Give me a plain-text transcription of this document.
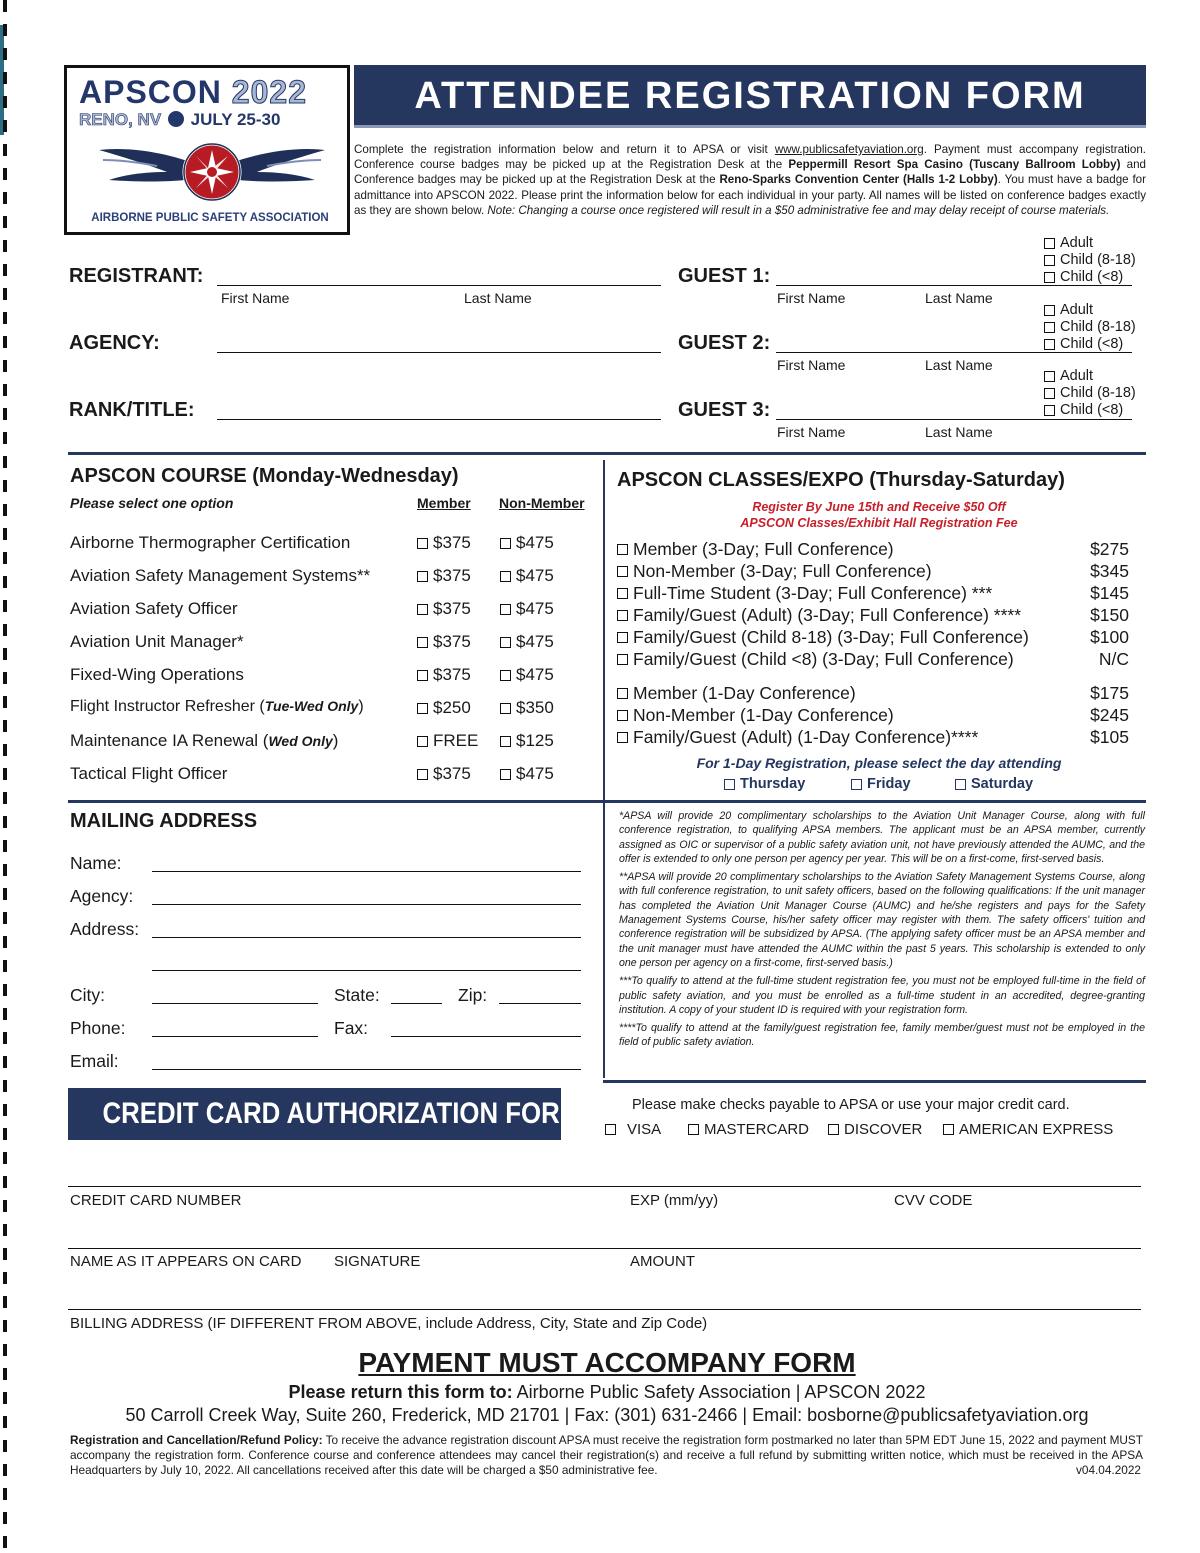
APSCON 2022
RENO, NV JULY 25-30
AIRBORNE PUBLIC SAFETY ASSOCIATION
ATTENDEE REGISTRATION FORM
Complete the registration information below and return it to APSA or visit www.publicsafetyaviation.org. Payment must accompany registration. Conference course badges may be picked up at the Registration Desk at the Peppermill Resort Spa Casino (Tuscany Ballroom Lobby) and Conference badges may be picked up at the Registration Desk at the Reno-Sparks Convention Center (Halls 1-2 Lobby). You must have a badge for admittance into APSCON 2022. Please print the information below for each individual in your party. All names will be listed on conference badges exactly as they are shown below. Note: Changing a course once registered will result in a $50 administrative fee and may delay receipt of course materials.
REGISTRANT:
First Name	Last Name
AGENCY:
RANK/TITLE:
GUEST 1:
First Name	Last Name
Adult
Child (8-18)
Child (<8)
GUEST 2:
First Name	Last Name
Adult
Child (8-18)
Child (<8)
GUEST 3:
First Name	Last Name
Adult
Child (8-18)
Child (<8)
APSCON COURSE (Monday-Wednesday)
Please select one option	Member Non-Member
Airborne Thermographer Certification	$375	$475
Aviation Safety Management Systems**	$375	$475
Aviation Safety Officer	$375	$475
Aviation Unit Manager*	$375	$475
Fixed-Wing Operations	$375	$475
Flight Instructor Refresher (Tue-Wed Only)	$250	$350
Maintenance IA Renewal (Wed Only)	FREE $125
Tactical Flight Officer	$375	$475
APSCON CLASSES/EXPO (Thursday-Saturday)
Register By June 15th and Receive $50 Off
APSCON Classes/Exhibit Hall Registration Fee
Member (3-Day; Full Conference)	$275
Non-Member (3-Day; Full Conference)	$345
Full-Time Student (3-Day; Full Conference) ***	$145
Family/Guest (Adult) (3-Day; Full Conference) ****	$150
Family/Guest (Child 8-18) (3-Day; Full Conference)	$100
Family/Guest (Child <8) (3-Day; Full Conference)	N/C
Member (1-Day Conference)	$175
Non-Member (1-Day Conference)	$245
Family/Guest (Adult) (1-Day Conference)****	$105
For 1-Day Registration, please select the day attending
Thursday	Friday	Saturday
MAILING ADDRESS
Name:
Agency:
Address:
City:	State:	Zip:
Phone:	Fax:
Email:

*APSA will provide 20 complimentary scholarships to the Aviation Unit Manager Course, along with full conference registration, to qualifying APSA members. The applicant must be an APSA member, currently assigned as OIC or supervisor of a public safety aviation unit, not have previously attended the AUMC, and the offer is extended to only one person per agency per year. This will be on a first-come, first-served basis.

**APSA will provide 20 complimentary scholarships to the Aviation Safety Management Systems Course, along with full conference registration, to unit safety officers, based on the following qualifications: If the unit manager has completed the Aviation Unit Manager Course (AUMC) and he/she registers and pays for the Safety Management Systems Course, his/her safety officer may register with them. The safety officers' tuition and conference registration will be subsidized by APSA. (The applying safety officer must be an APSA member and the unit manager must have attended the AUMC within the past 5 years. This scholarship is extended to only one person per agency on a first-come, first-served basis.)

***To qualify to attend at the full-time student registration fee, you must not be employed full-time in the field of public safety aviation, and you must be enrolled as a full-time student in an accredited, degree-granting institution. A copy of your student ID is required with your registration form.

****To qualify to attend at the family/guest registration fee, family member/guest must not be employed in the field of public safety aviation.

CREDIT CARD AUTHORIZATION FORM	Please make checks payable to APSA or use your major credit card.
VISA	MASTERCARD DISCOVER AMERICAN EXPRESS
CREDIT CARD NUMBER	EXP (mm/yy)	CVV CODE
NAME AS IT APPEARS ON CARD SIGNATURE	AMOUNT
BILLING ADDRESS (IF DIFFERENT FROM ABOVE, include Address, City, State and Zip Code)
PAYMENT MUST ACCOMPANY FORM
Please return this form to: Airborne Public Safety Association | APSCON 2022
50 Carroll Creek Way, Suite 260, Frederick, MD 21701 | Fax: (301) 631-2466 | Email: bosborne@publicsafetyaviation.org
Registration and Cancellation/Refund Policy: To receive the advance registration discount APSA must receive the registration form postmarked no later than 5PM EDT June 15, 2022 and payment MUST accompany the registration form. Conference course and conference attendees may cancel their registration(s) and receive a full refund by submitting written notice, which must be received in the APSA Headquarters by July 10, 2022. All cancellations received after this date will be charged a $50 administrative fee.	v04.04.2022
